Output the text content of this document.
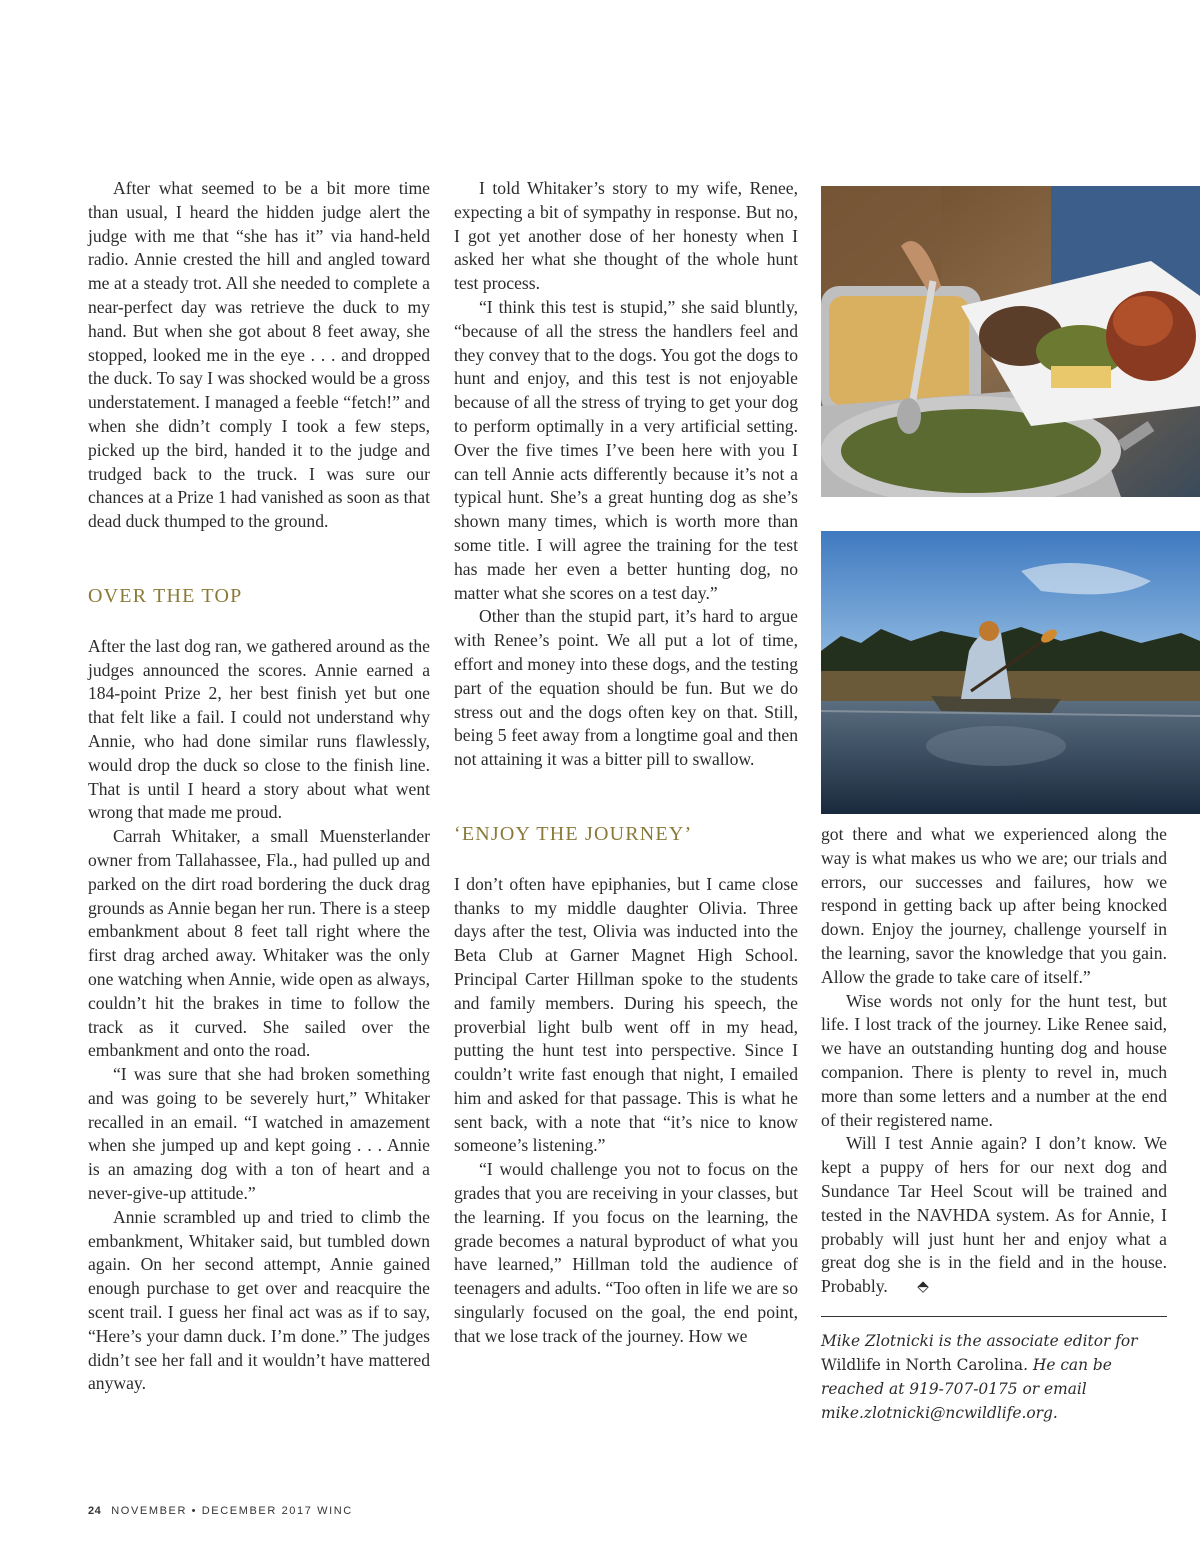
After what seemed to be a bit more time than usual, I heard the hidden judge alert the judge with me that “she has it” via hand-held radio. Annie crested the hill and angled toward me at a steady trot. All she needed to complete a near-perfect day was retrieve the duck to my hand. But when she got about 8 feet away, she stopped, looked me in the eye . . . and dropped the duck. To say I was shocked would be a gross understatement. I managed a feeble “fetch!” and when she didn’t comply I took a few steps, picked up the bird, handed it to the judge and trudged back to the truck. I was sure our chances at a Prize 1 had vanished as soon as that dead duck thumped to the ground.

OVER THE TOP

After the last dog ran, we gathered around as the judges announced the scores. Annie earned a 184-point Prize 2, her best finish yet but one that felt like a fail. I could not understand why Annie, who had done similar runs flawlessly, would drop the duck so close to the finish line. That is until I heard a story about what went wrong that made me proud.

Carrah Whitaker, a small Muensterlander owner from Tallahassee, Fla., had pulled up and parked on the dirt road bordering the duck drag grounds as Annie began her run. There is a steep embankment about 8 feet tall right where the first drag arched away. Whitaker was the only one watching when Annie, wide open as always, couldn’t hit the brakes in time to follow the track as it curved. She sailed over the embankment and onto the road.

“I was sure that she had broken something and was going to be severely hurt,” Whitaker recalled in an email. “I watched in amazement when she jumped up and kept going . . . Annie is an amazing dog with a ton of heart and a never-give-up attitude.”

Annie scrambled up and tried to climb the embankment, Whitaker said, but tumbled down again. On her second attempt, Annie gained enough purchase to get over and reacquire the scent trail. I guess her final act was as if to say, “Here’s your damn duck. I’m done.” The judges didn’t see her fall and it wouldn’t have mattered anyway.

I told Whitaker’s story to my wife, Renee, expecting a bit of sympathy in response. But no, I got yet another dose of her honesty when I asked her what she thought of the whole hunt test process.

“I think this test is stupid,” she said bluntly, “because of all the stress the handlers feel and they convey that to the dogs. You got the dogs to hunt and enjoy, and this test is not enjoyable because of all the stress of trying to get your dog to perform optimally in a very artificial setting. Over the five times I’ve been here with you I can tell Annie acts differently because it’s not a typical hunt. She’s a great hunting dog as she’s shown many times, which is worth more than some title. I will agree the training for the test has made her even a better hunting dog, no matter what she scores on a test day.”

Other than the stupid part, it’s hard to argue with Renee’s point. We all put a lot of time, effort and money into these dogs, and the testing part of the equation should be fun. But we do stress out and the dogs often key on that. Still, being 5 feet away from a longtime goal and then not attaining it was a bitter pill to swallow.

‘ENJOY THE JOURNEY’

I don’t often have epiphanies, but I came close thanks to my middle daughter Olivia. Three days after the test, Olivia was inducted into the Beta Club at Garner Magnet High School. Principal Carter Hillman spoke to the students and family members. During his speech, the proverbial light bulb went off in my head, putting the hunt test into perspective. Since I couldn’t write fast enough that night, I emailed him and asked for that passage. This is what he sent back, with a note that “it’s nice to know someone’s listening.”

“I would challenge you not to focus on the grades that you are receiving in your classes, but the learning. If you focus on the learning, the grade becomes a natural byproduct of what you have learned,” Hillman told the audience of teenagers and adults. “Too often in life we are so singularly focused on the goal, the end point, that we lose track of the journey. How we

got there and what we experienced along the way is what makes us who we are; our trials and errors, our successes and failures, how we respond in getting back up after being knocked down. Enjoy the journey, challenge yourself in the learning, savor the knowledge that you gain. Allow the grade to take care of itself.”

Wise words not only for the hunt test, but life. I lost track of the journey. Like Renee said, we have an outstanding hunting dog and house companion. There is plenty to revel in, much more than some letters and a number at the end of their registered name.

Will I test Annie again? I don’t know. We kept a puppy of hers for our next dog and Sundance Tar Heel Scout will be trained and tested in the NAVHDA system. As for Annie, I probably will just hunt her and enjoy what a great dog she is in the field and in the house. Probably. ⬘

Mike Zlotnicki is the associate editor for Wildlife in North Carolina. He can be reached at 919-707-0175 or email mike.zlotnicki@ncwildlife.org.
24 NOVEMBER • DECEMBER 2017 WINC
